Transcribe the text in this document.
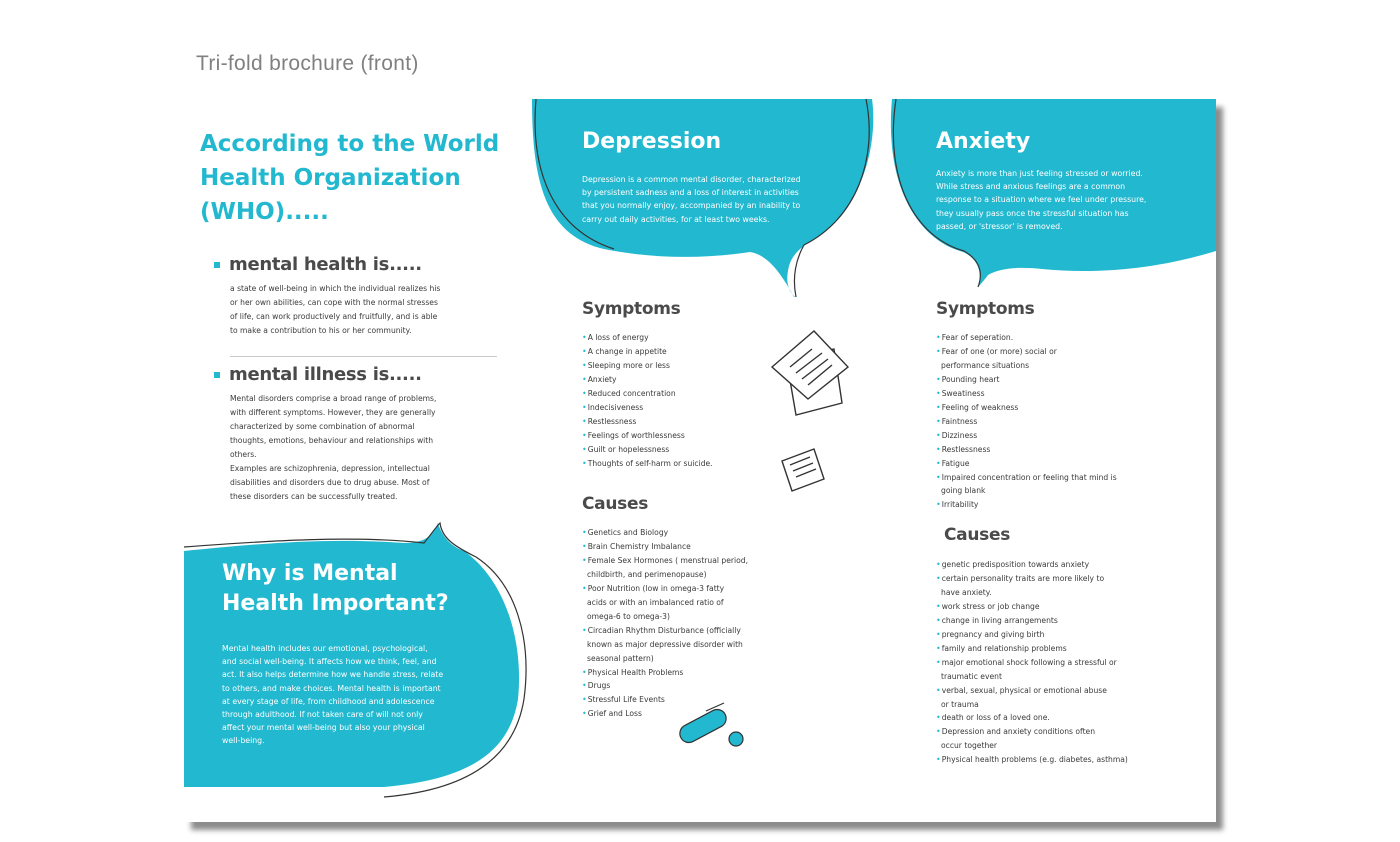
Tri-fold brochure (front)
According to the World Health Organization (WHO).....
mental health is.....
a state of well-being in which the individual realizes his
or her own abilities, can cope with the normal stresses
of life, can work productively and fruitfully, and is able
to make a contribution to his or her community.
mental illness is.....
Mental disorders comprise a broad range of problems,
with different symptoms. However, they are generally
characterized by some combination of abnormal
thoughts, emotions, behaviour and relationships with
others.
Examples are schizophrenia, depression, intellectual
disabilities and disorders due to drug abuse. Most of
these disorders can be successfully treated.
Why is Mental
Health Important?
Mental health includes our emotional, psychological,
and social well-being. It affects how we think, feel, and
act. It also helps determine how we handle stress, relate
to others, and make choices. Mental health is important
at every stage of life, from childhood and adolescence
through adulthood. If not taken care of will not only
affect your mental well-being but also your physical
well-being.
Depression
Depression is a common mental disorder, characterized
by persistent sadness and a loss of interest in activities
that you normally enjoy, accompanied by an inability to
carry out daily activities, for at least two weeks.
Symptoms
•A loss of energy
•A change in appetite
•Sleeping more or less
•Anxiety
•Reduced concentration
•Indecisiveness
•Restlessness
•Feelings of worthlessness
•Guilt or hopelessness
•Thoughts of self-harm or suicide.
Causes
•Genetics and Biology
•Brain Chemistry Imbalance
•Female Sex Hormones ( menstrual period,
childbirth, and perimenopause)
•Poor Nutrition (low in omega-3 fatty
acids or with an imbalanced ratio of
omega-6 to omega-3)
•Circadian Rhythm Disturbance (officially
known as major depressive disorder with
seasonal pattern)
•Physical Health Problems
•Drugs
•Stressful Life Events
•Grief and Loss
Anxiety
Anxiety is more than just feeling stressed or worried.
While stress and anxious feelings are a common
response to a situation where we feel under pressure,
they usually pass once the stressful situation has
passed, or 'stressor' is removed.
Symptoms
•Fear of seperation.
•Fear of one (or more) social or
performance situations
•Pounding heart
•Sweatiness
•Feeling of weakness
•Faintness
•Dizziness
•Restlessness
•Fatigue
•Impaired concentration or feeling that mind is
going blank
•Irritability
Causes
•genetic predisposition towards anxiety
•certain personality traits are more likely to
have anxiety.
•work stress or job change
•change in living arrangements
•pregnancy and giving birth
•family and relationship problems
•major emotional shock following a stressful or
traumatic event
•verbal, sexual, physical or emotional abuse
or trauma
•death or loss of a loved one.
•Depression and anxiety conditions often
occur together
•Physical health problems (e.g. diabetes, asthma)
